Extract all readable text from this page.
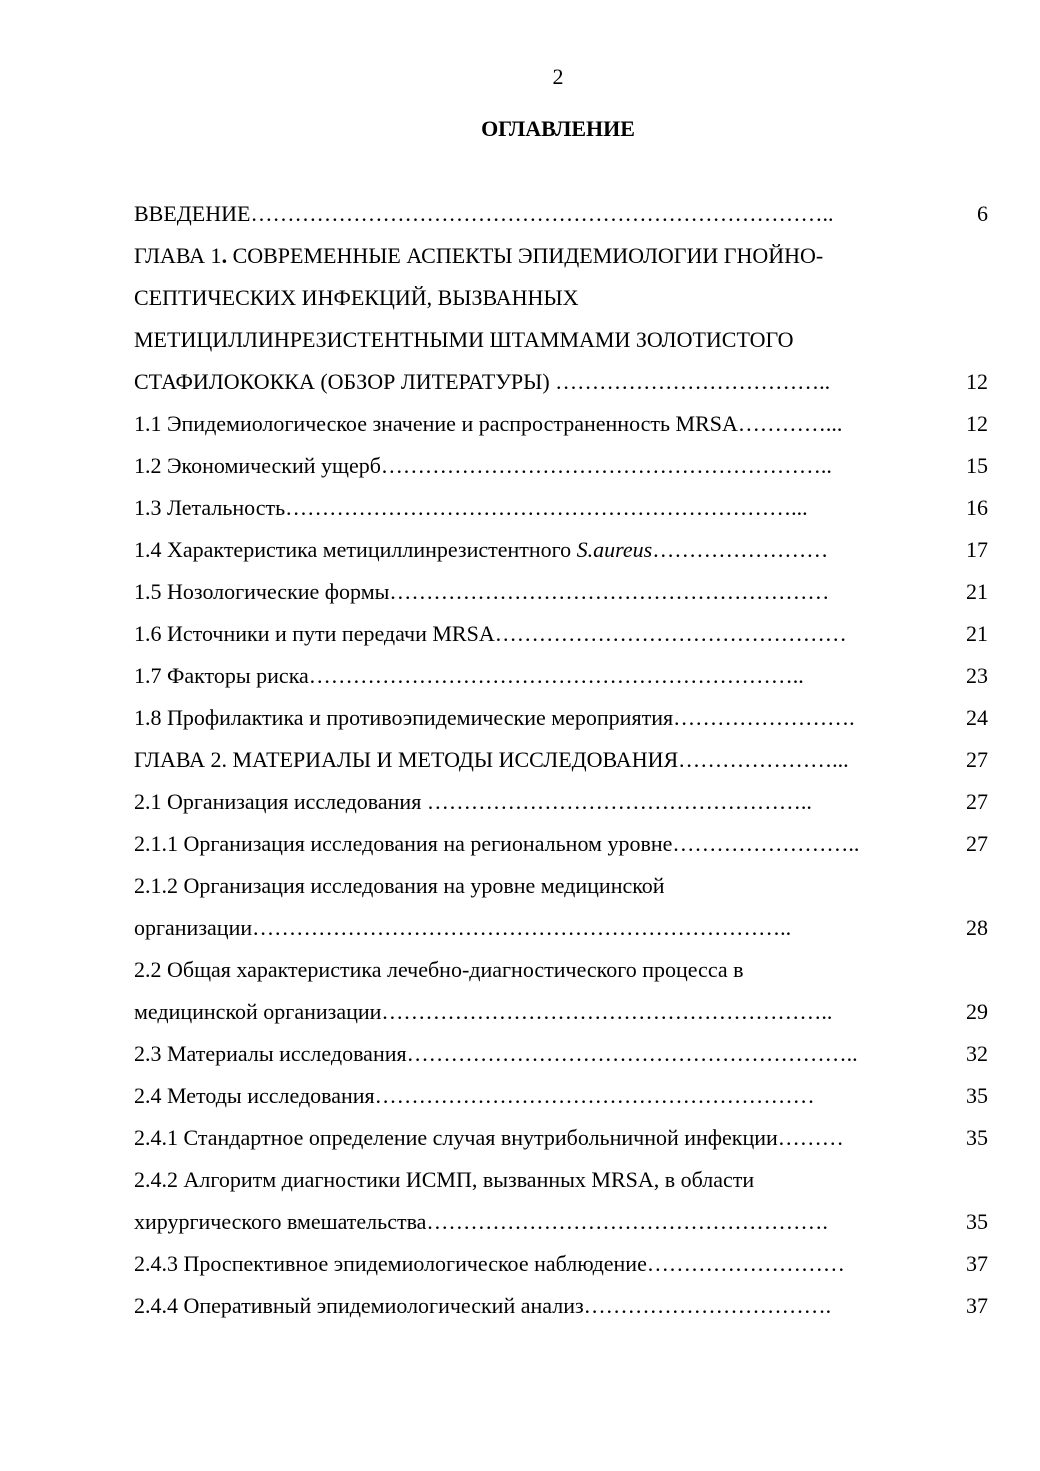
2
ОГЛАВЛЕНИЕ
ВВЕДЕНИЕ……………………………………………………………………..	6
ГЛАВА 1. СОВРЕМЕННЫЕ АСПЕКТЫ ЭПИДЕМИОЛОГИИ ГНОЙНО-
СЕПТИЧЕСКИХ ИНФЕКЦИЙ, ВЫЗВАННЫХ
МЕТИЦИЛЛИНРЕЗИСТЕНТНЫМИ ШТАММАМИ ЗОЛОТИСТОГО
СТАФИЛОКОККА (ОБЗОР ЛИТЕРАТУРЫ) ………………………………..	12
1.1 Эпидемиологическое значение и распространенность MRSA…………...	12
1.2 Экономический ущерб……………………………………………………..	15
1.3 Летальность……………………………………………………………...	16
1.4 Характеристика метициллинрезистентного S.aureus……………………	17
1.5 Нозологические формы……………………………………………………	21
1.6 Источники и пути передачи MRSA…………………………………………	21
1.7 Факторы риска…………………………………………………………..	23
1.8 Профилактика и противоэпидемические мероприятия…………………….	24
ГЛАВА 2. МАТЕРИАЛЫ И МЕТОДЫ ИССЛЕДОВАНИЯ…………………...	27
2.1 Организация исследования ……………………………………………..	27
2.1.1 Организация исследования на региональном уровне……………………..	27
2.1.2 Организация исследования на уровне медицинской
организации………………………………………………………………..	28
2.2 Общая характеристика лечебно-диагностического процесса в
медицинской организации……………………………………………………..	29
2.3 Материалы исследования……………………………………………………..	32
2.4 Методы исследования……………………………………………………	35
2.4.1 Стандартное определение случая внутрибольничной инфекции………	35
2.4.2 Алгоритм диагностики ИСМП, вызванных MRSA, в области
хирургического вмешательства……………………………………………….	35
2.4.3 Проспективное эпидемиологическое наблюдение………………………	37
2.4.4 Оперативный эпидемиологический анализ…………………………….	37
